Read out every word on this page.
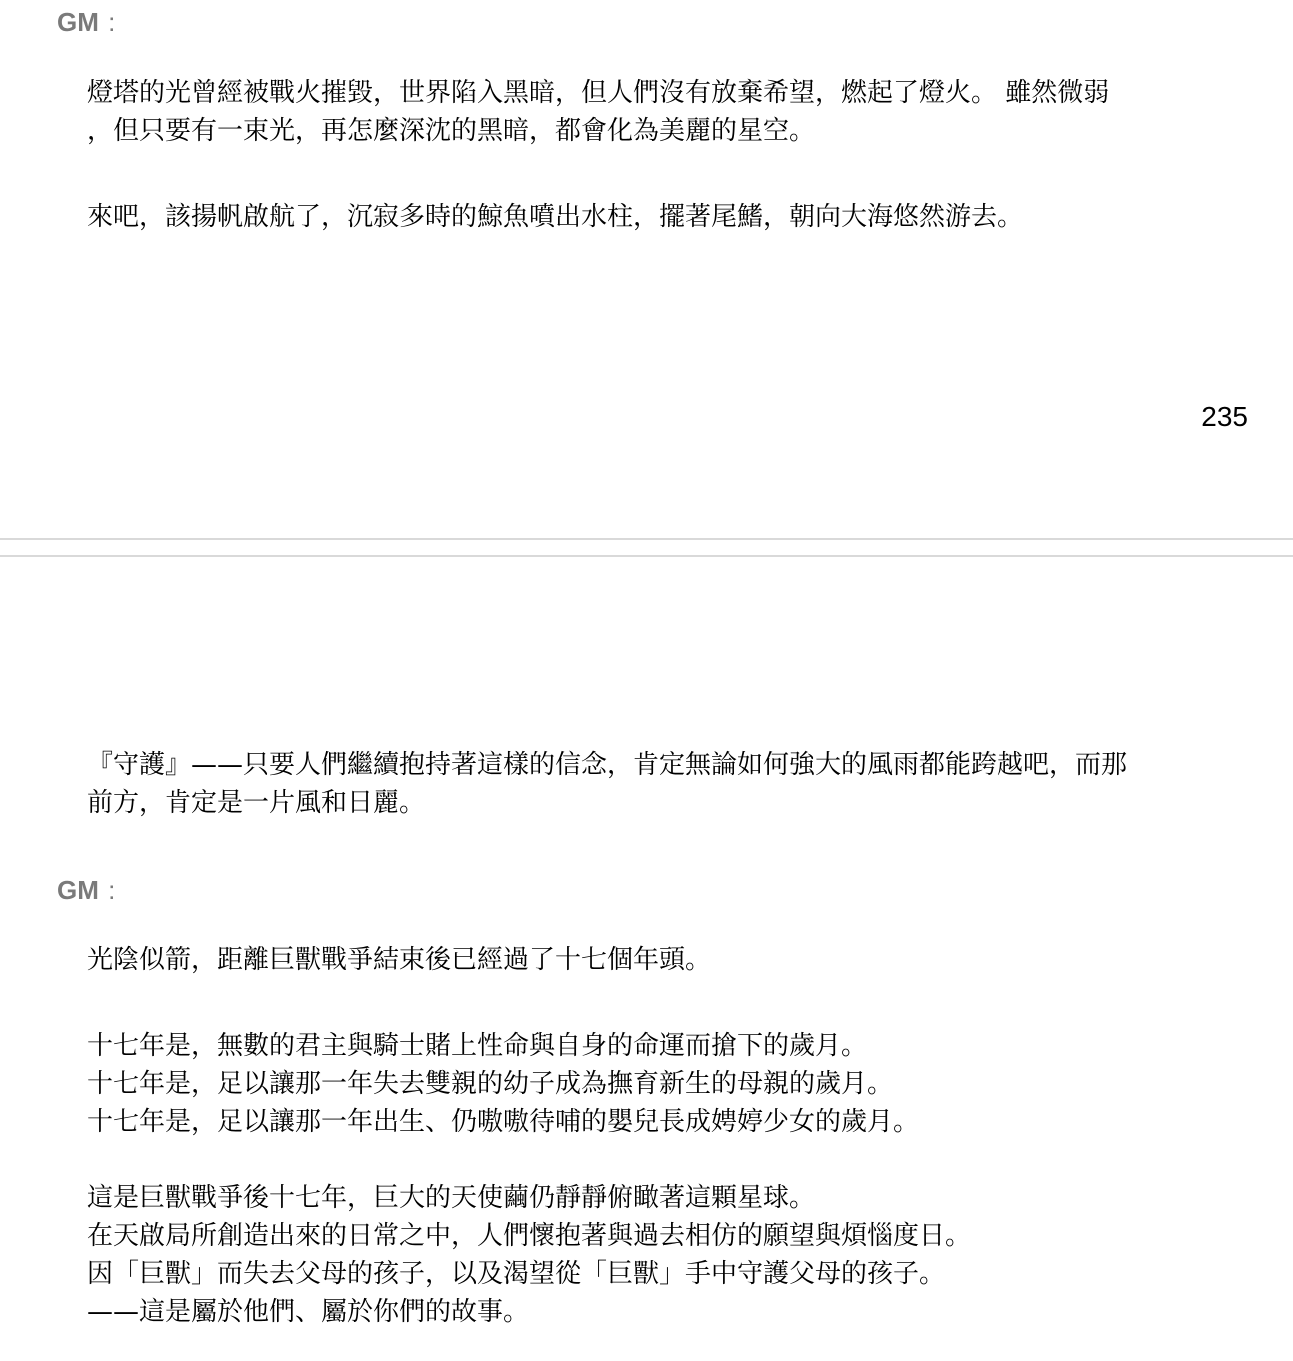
GM :

燈塔的光曾經被戰火摧毀，世界陷入黑暗，但人們沒有放棄希望，燃起了燈火。 雖然微弱
，但只要有一束光，再怎麼深沈的黑暗，都會化為美麗的星空。

來吧，該揚帆啟航了，沉寂多時的鯨魚噴出水柱，擺著尾鰭，朝向大海悠然游去。

235

『守護』——只要人們繼續抱持著這樣的信念，肯定無論如何強大的風雨都能跨越吧，而那
前方，肯定是一片風和日麗。

GM :

光陰似箭，距離巨獸戰爭結束後已經過了十七個年頭。

十七年是，無數的君主與騎士賭上性命與自身的命運而搶下的歲月。
十七年是，足以讓那一年失去雙親的幼子成為撫育新生的母親的歲月。
十七年是，足以讓那一年出生、仍嗷嗷待哺的嬰兒長成娉婷少女的歲月。

這是巨獸戰爭後十七年，巨大的天使繭仍靜靜俯瞰著這顆星球。
在天啟局所創造出來的日常之中，人們懷抱著與過去相仿的願望與煩惱度日。
因「巨獸」而失去父母的孩子，以及渴望從「巨獸」手中守護父母的孩子。
——這是屬於他們、屬於你們的故事。
